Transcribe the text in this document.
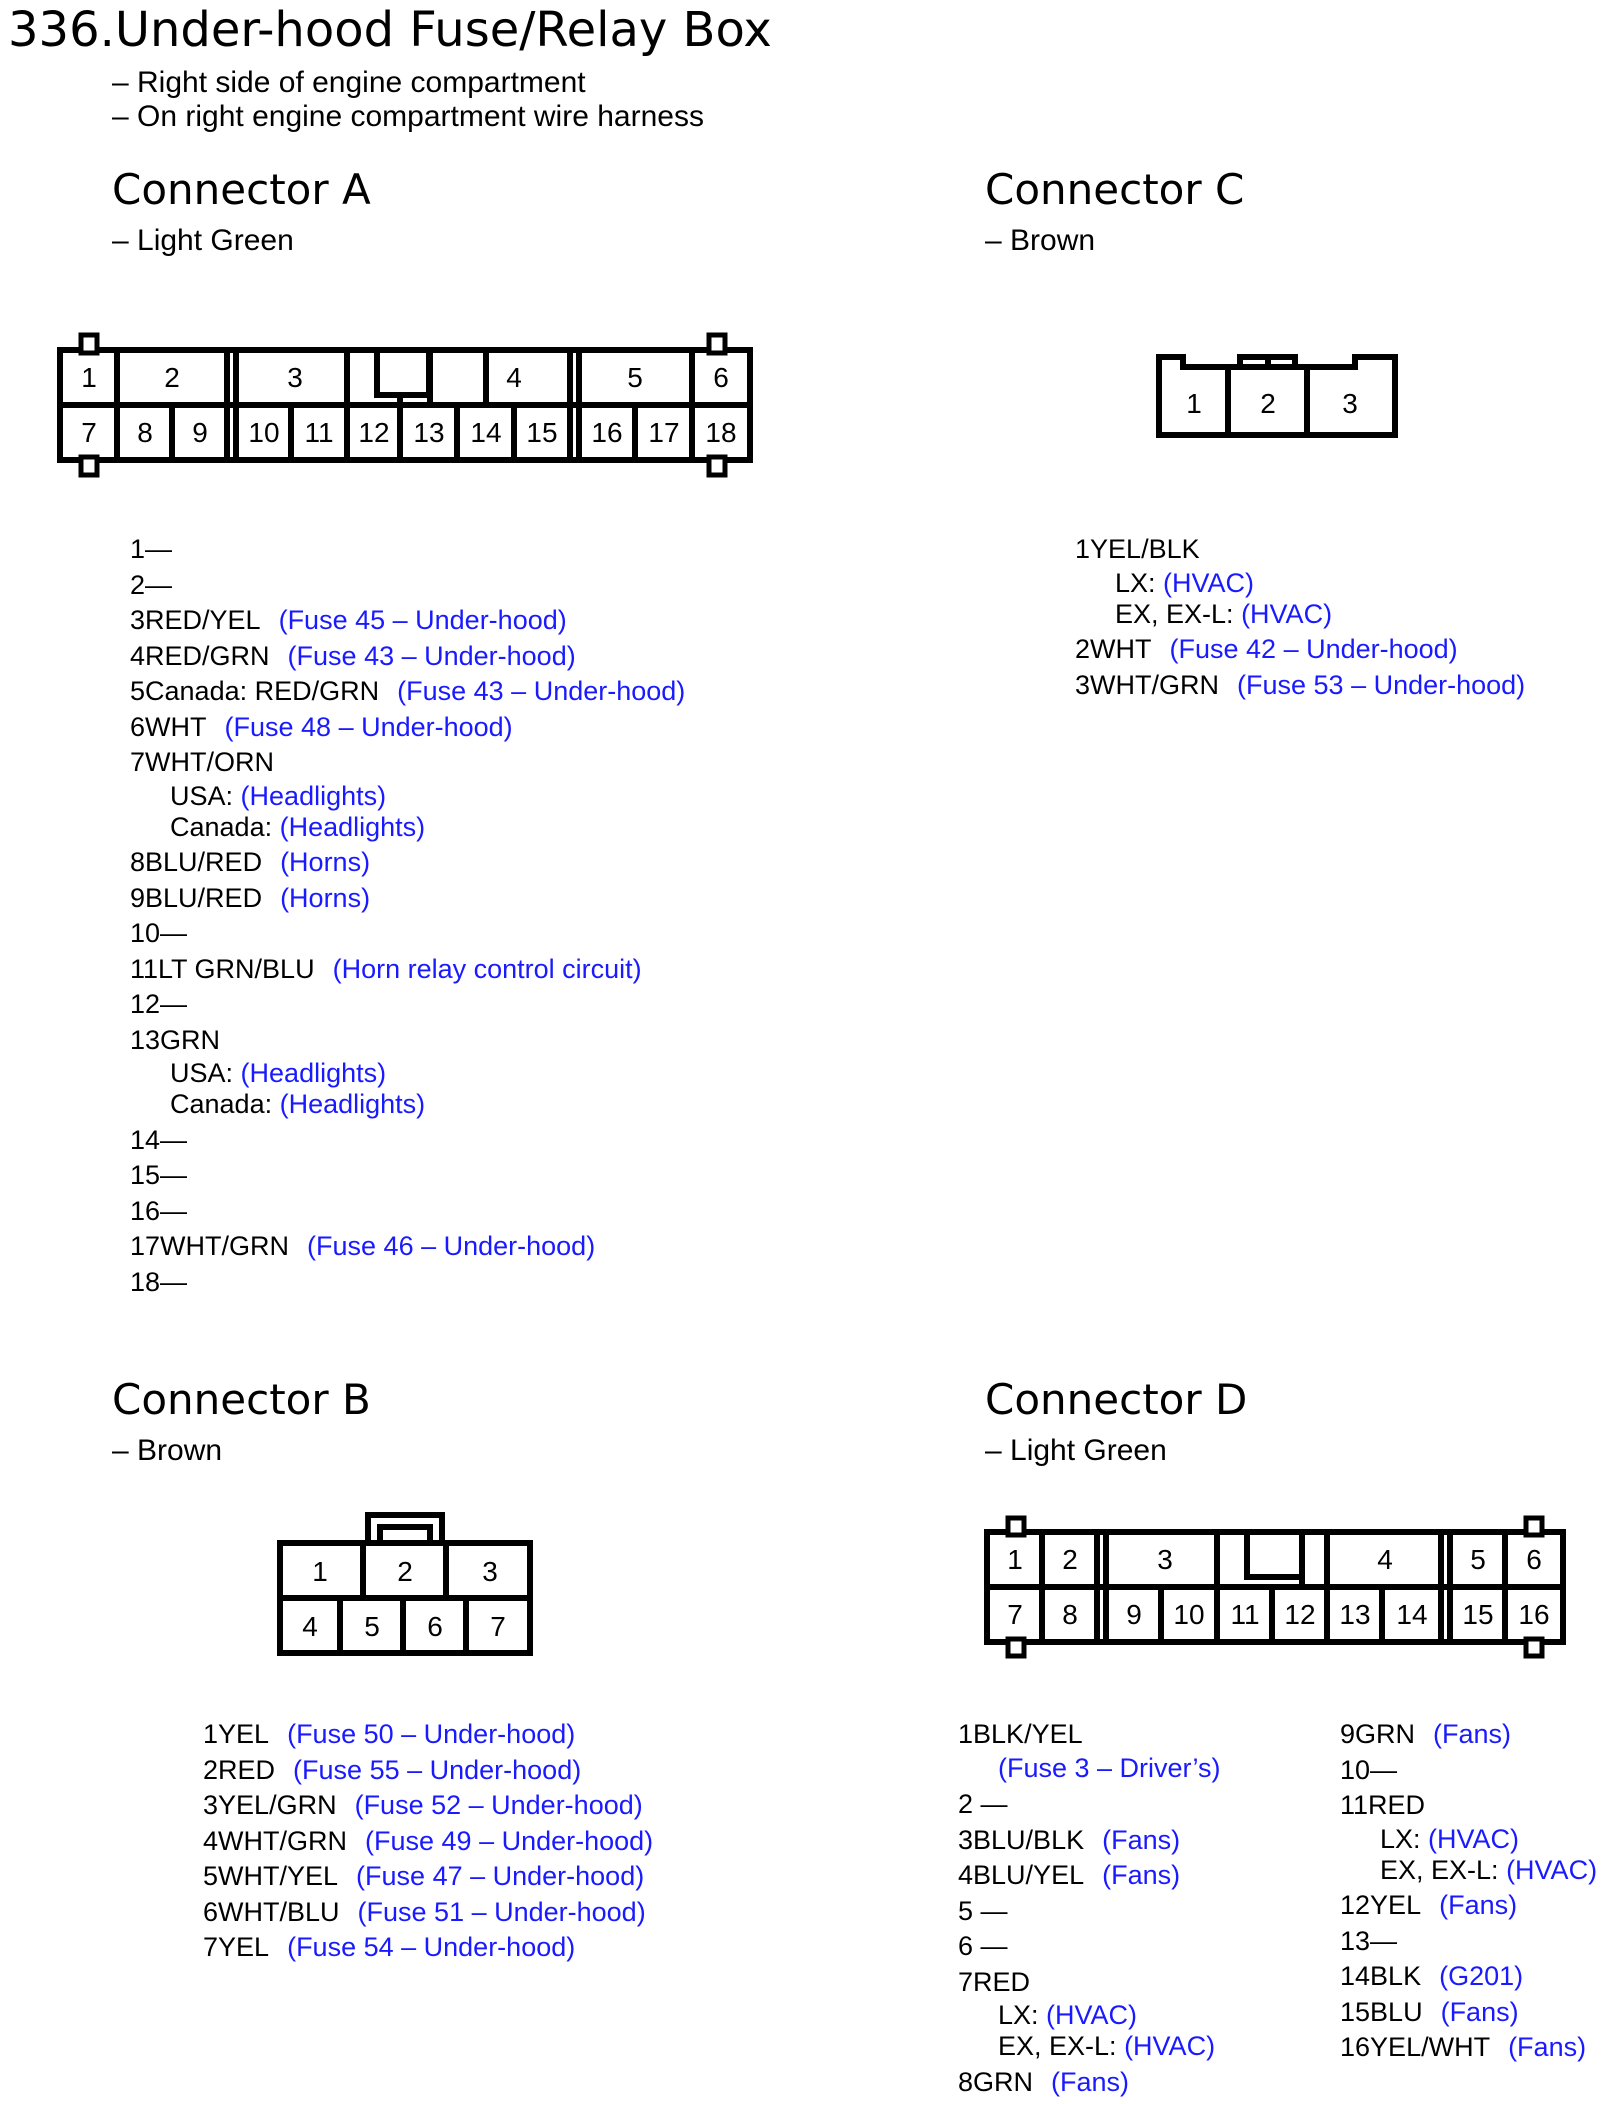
336.Under-hood Fuse/Relay Box
– Right side of engine compartment
– On right engine compartment wire harness
Connector A
– Light Green
Connector C
– Brown
Connector B
– Brown
Connector D
– Light Green
1 2	3	4	5	6
7 8 9 10 11 12 13 14 15 16 17 18
1 2 3
1 2 3
4 5 6 7
1 2	3	4	5 6
7 8 9 10 11 12 13 14 15 16
1—
2—
3RED/YEL (Fuse 45 – Under-hood)
4RED/GRN (Fuse 43 – Under-hood)
5Canada: RED/GRN (Fuse 43 – Under-hood)
6WHT (Fuse 48 – Under-hood)
7WHT/ORN
USA: (Headlights)
Canada: (Headlights)
8BLU/RED (Horns)
9BLU/RED (Horns)
10—
11LT GRN/BLU (Horn relay control circuit)
12—
13GRN
USA: (Headlights)
Canada: (Headlights)
14—
15—
16—
17WHT/GRN (Fuse 46 – Under-hood)
18—
1YEL/BLK
LX: (HVAC)
EX, EX-L: (HVAC)
2WHT (Fuse 42 – Under-hood)
3WHT/GRN (Fuse 53 – Under-hood)
1YEL (Fuse 50 – Under-hood)
2RED (Fuse 55 – Under-hood)
3YEL/GRN (Fuse 52 – Under-hood)
4WHT/GRN (Fuse 49 – Under-hood)
5WHT/YEL (Fuse 47 – Under-hood)
6WHT/BLU (Fuse 51 – Under-hood)
7YEL (Fuse 54 – Under-hood)
1BLK/YEL
(Fuse 3 – Driver’s)
2 —
3BLU/BLK (Fans)
4BLU/YEL (Fans)
5 —
6 —
7RED
LX: (HVAC)
EX, EX-L: (HVAC)
8GRN (Fans)
9GRN (Fans)
10—
11RED
LX: (HVAC)
EX, EX-L: (HVAC)
12YEL (Fans)
13—
14BLK (G201)
15BLU (Fans)
16YEL/WHT (Fans)
